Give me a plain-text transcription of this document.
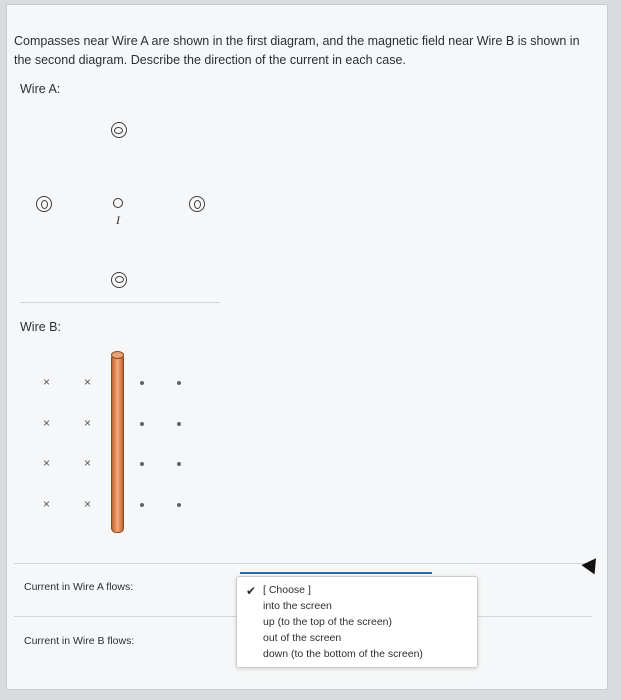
Compasses near Wire A are shown in the first diagram, and the magnetic field near Wire B is shown in the second diagram. Describe the direction of the current in each case.
Wire A:
I
Wire B:
×	×
×	×
×	×
×	×
Current in Wire A flows:
Current in Wire B flows:
✔ [ Choose ]
into the screen
up (to the top of the screen)
out of the screen
down (to the bottom of the screen)
